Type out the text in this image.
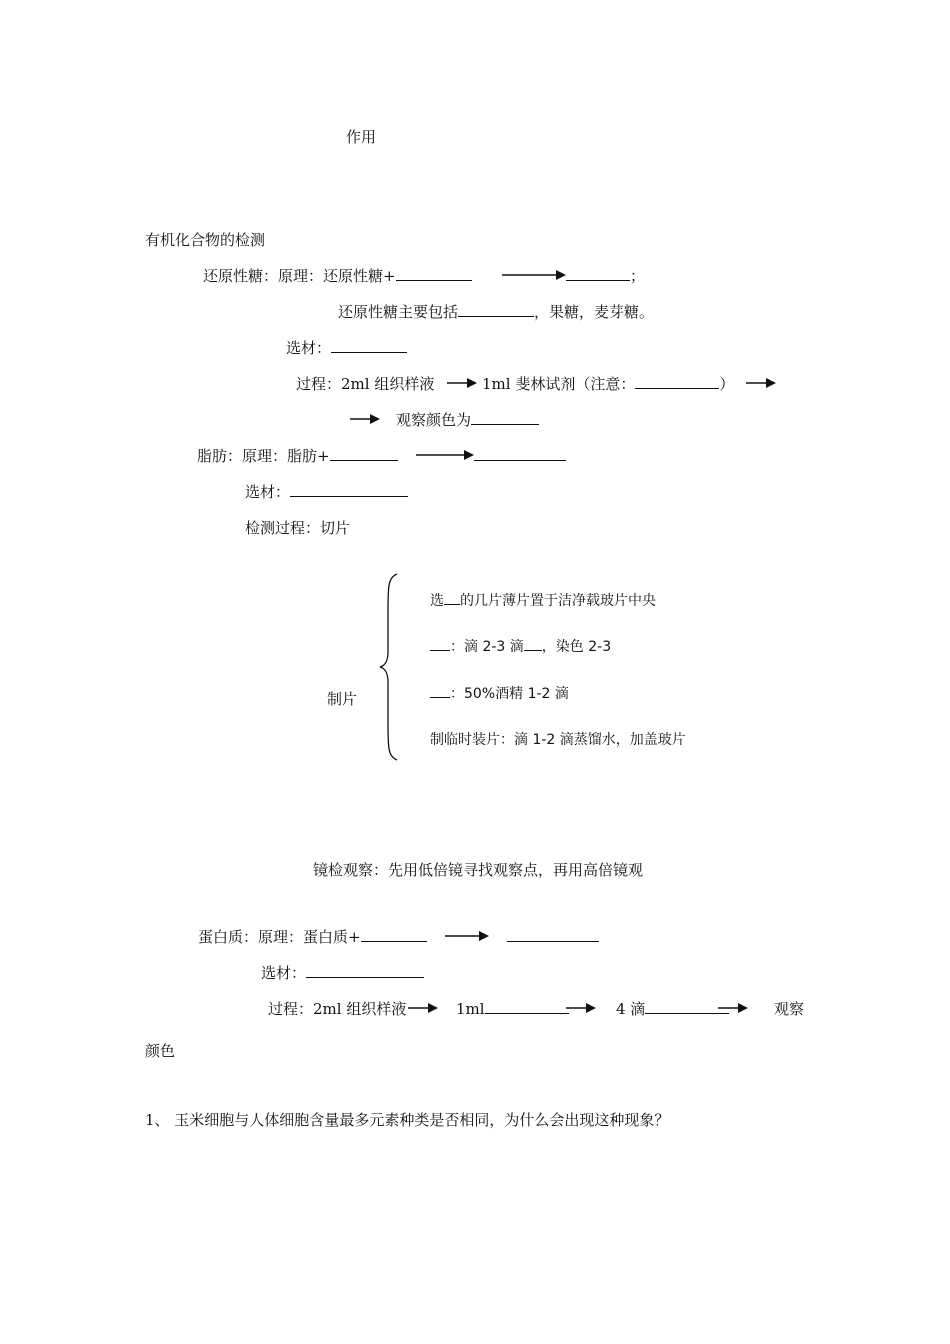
作用
有机化合物的检测
还原性糖：原理：还原性糖+	；
还原性糖主要包括	，果糖，麦芽糖。
选材：
过程：2ml 组织样液	1ml 斐林试剂（注意：	）
观察颜色为
脂肪：原理：脂肪+
选材：
检测过程：切片
选 的几片薄片置于洁净载玻片中央
：滴 2-3 滴 ，染色 2-3
：50%酒精 1-2 滴
制临时装片：滴 1-2 滴蒸馏水，加盖玻片
制片
镜检观察：先用低倍镜寻找观察点，再用高倍镜观
蛋白质：原理：蛋白质+
选材：
过程：2ml 组织样液	1ml	4 滴	观察
颜色
1、 玉米细胞与人体细胞含量最多元素种类是否相同，为什么会出现这种现象？
